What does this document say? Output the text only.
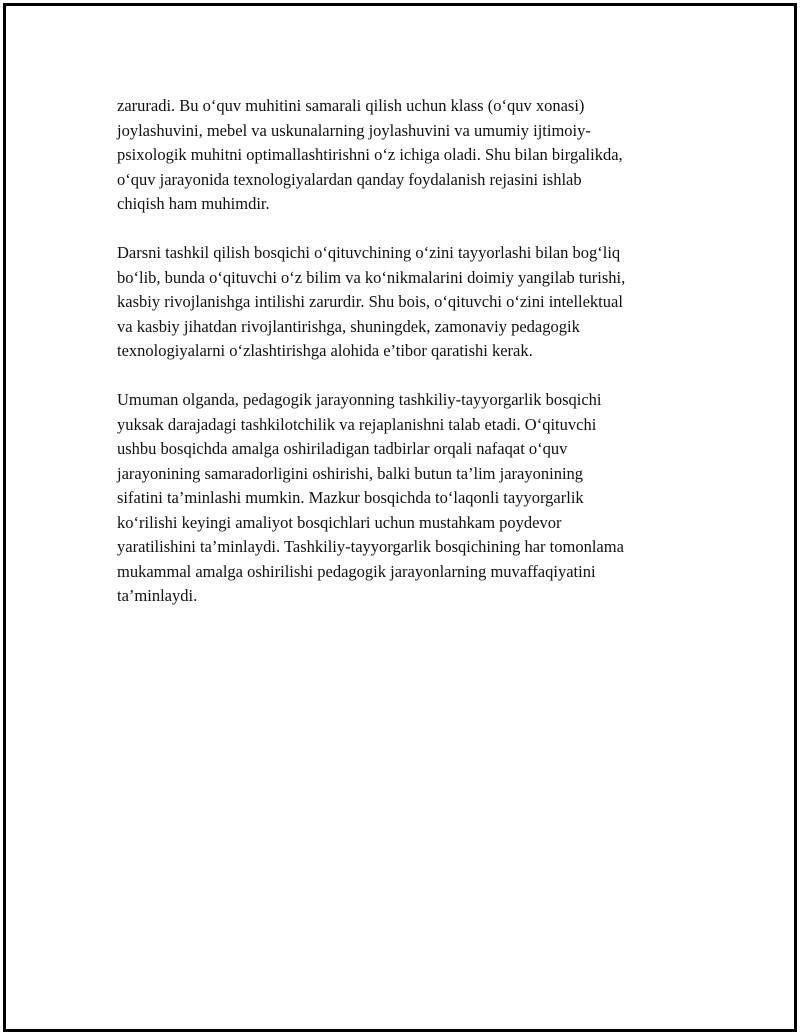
zaruradi. Bu o‘quv muhitini samarali qilish uchun klass (o‘quv xonasi)
joylashuvini, mebel va uskunalarning joylashuvini va umumiy ijtimoiy-
psixologik muhitni optimallashtirishni o‘z ichiga oladi. Shu bilan birgalikda,
o‘quv jarayonida texnologiyalardan qanday foydalanish rejasini ishlab
chiqish ham muhimdir.

Darsni tashkil qilish bosqichi o‘qituvchining o‘zini tayyorlashi bilan bog‘liq
bo‘lib, bunda o‘qituvchi o‘z bilim va ko‘nikmalarini doimiy yangilab turishi,
kasbiy rivojlanishga intilishi zarurdir. Shu bois, o‘qituvchi o‘zini intellektual
va kasbiy jihatdan rivojlantirishga, shuningdek, zamonaviy pedagogik
texnologiyalarni o‘zlashtirishga alohida e’tibor qaratishi kerak.

Umuman olganda, pedagogik jarayonning tashkiliy-tayyorgarlik bosqichi
yuksak darajadagi tashkilotchilik va rejaplanishni talab etadi. O‘qituvchi
ushbu bosqichda amalga oshiriladigan tadbirlar orqali nafaqat o‘quv
jarayonining samaradorligini oshirishi, balki butun ta’lim jarayonining
sifatini ta’minlashi mumkin. Mazkur bosqichda to‘laqonli tayyorgarlik
ko‘rilishi keyingi amaliyot bosqichlari uchun mustahkam poydevor
yaratilishini ta’minlaydi. Tashkiliy-tayyorgarlik bosqichining har tomonlama
mukammal amalga oshirilishi pedagogik jarayonlarning muvaffaqiyatini
ta’minlaydi.
